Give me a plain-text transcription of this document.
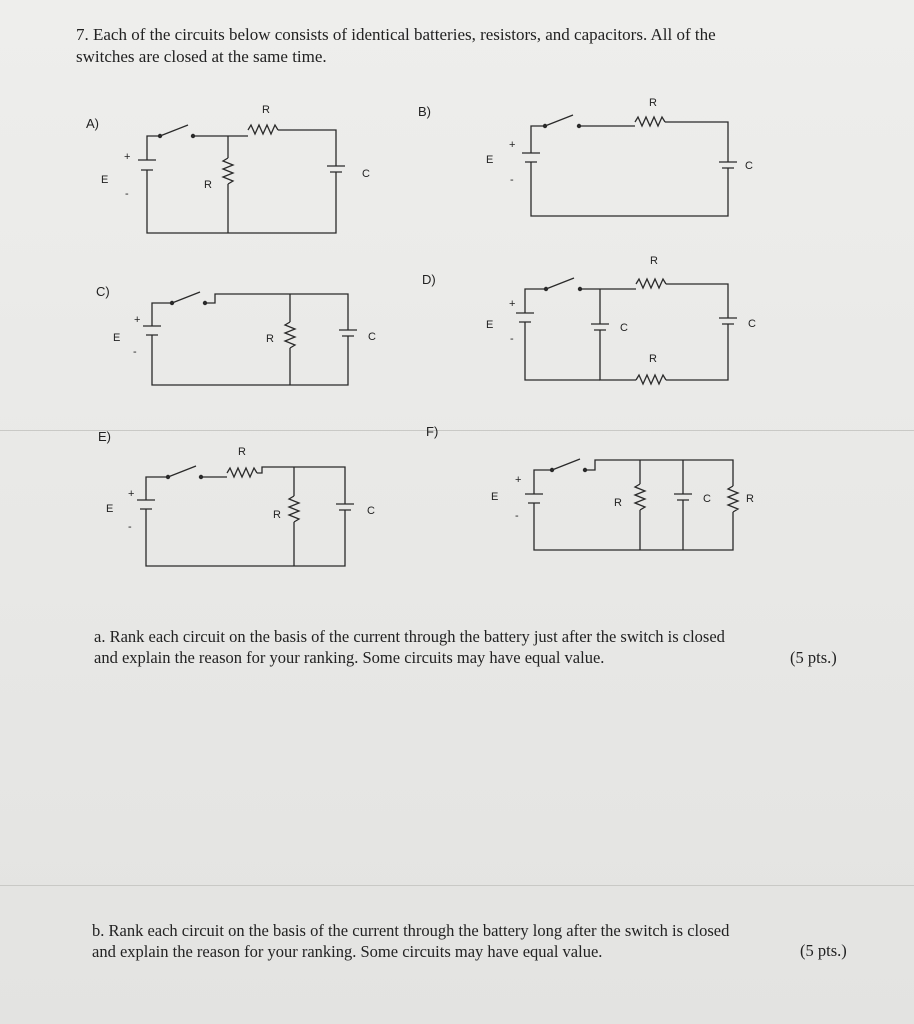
7. Each of the circuits below consists of identical batteries, resistors, and capacitors. All of the
switches are closed at the same time.
A)
B)
C)
D)
E)	F)
R
R
C
E
+
-
R
C
E
+
-
R	C
E
+
-
R
R
C	C
E
+
-
R
R	C
E
+
-
E
+
-
R	C	R
a. Rank each circuit on the basis of the current through the battery just after the switch is closed
and explain the reason for your ranking. Some circuits may have equal value.	(5 pts.)
b. Rank each circuit on the basis of the current through the battery long after the switch is closed
and explain the reason for your ranking. Some circuits may have equal value.	(5 pts.)
